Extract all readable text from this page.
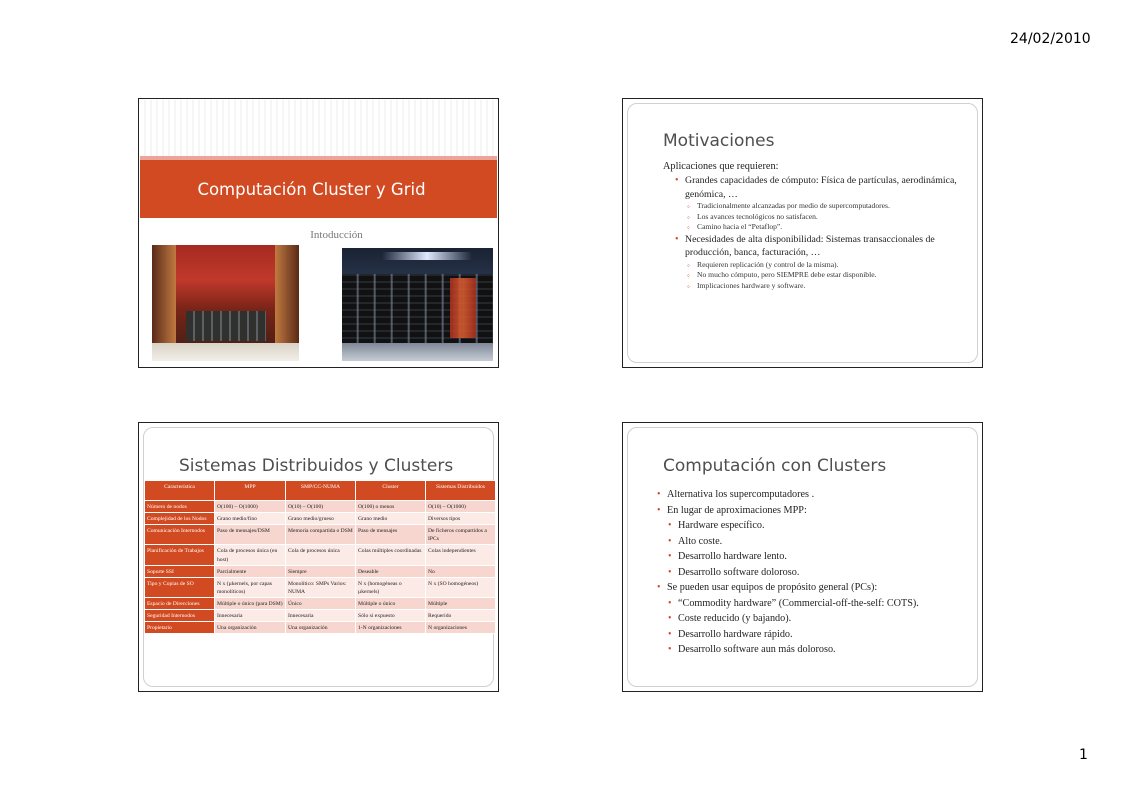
24/02/2010
Computación Cluster y Grid
Intoducción
Motivaciones
Aplicaciones que requieren:
• Grandes capacidades de cómputo: Física de partículas, aerodinámica, genómica, …
◦ Tradicionalmente alcanzadas por medio de supercomputadores.
◦ Los avances tecnológicos no satisfacen.
◦ Camino hacia el “Petaflop”.
• Necesidades de alta disponibilidad: Sistemas transaccionales de producción, banca, facturación, …
◦ Requieren replicación (y control de la misma).
◦ No mucho cómputo, pero SIEMPRE debe estar disponible.
◦ Implicaciones hardware y software.
Sistemas Distribuidos y Clusters
Característica	MPP	SMP/CC-NUMA	Cluster	Sistemas Distribuidos
Número de nodos	O(100) – O(1000)	O(10) – O(100)	O(100) o menos	O(10) – O(1000)
Complejidad de los Nodos	Grano medio/fino	Grano medio/grueso	Grano medio	Diversos tipos
Comunicación Internodos	Paso de mensajes/DSM	Memoria compartida o DSM	Paso de mensajes	De ficheros compartidos a IPCs
Planificación de Trabajos	Cola de procesos única (en host)	Cola de procesos única	Colas múltiples coordinadas	Colas independientes
Soporte SSI	Parcialmente	Siempre	Deseable	No
Tipo y Copias de SO	N x (µkernels, por capas monolíticos)	Monolítico: SMPs Varios: NUMA	N x (homogéneas o µkernels)	N x (SO homogéneos)
Espacio de Direcciones	Múltiple o único (para DSM)	Único	Múltiple o único	Múltiple
Seguridad Internodos	Innecesaria	Innecesaria	Sólo si expuesto	Requerido
Propietario	Una organización	Una organización	1-N organizaciones	N organizaciones
Computación con Clusters
• Alternativa los supercomputadores .
• En lugar de aproximaciones MPP:
• Hardware específico.
• Alto coste.
• Desarrollo hardware lento.
• Desarrollo software doloroso.
• Se pueden usar equipos de propósito general (PCs):
• “Commodity hardware” (Commercial-off-the-self: COTS).
• Coste reducido (y bajando).
• Desarrollo hardware rápido.
• Desarrollo software aun más doloroso.
1
